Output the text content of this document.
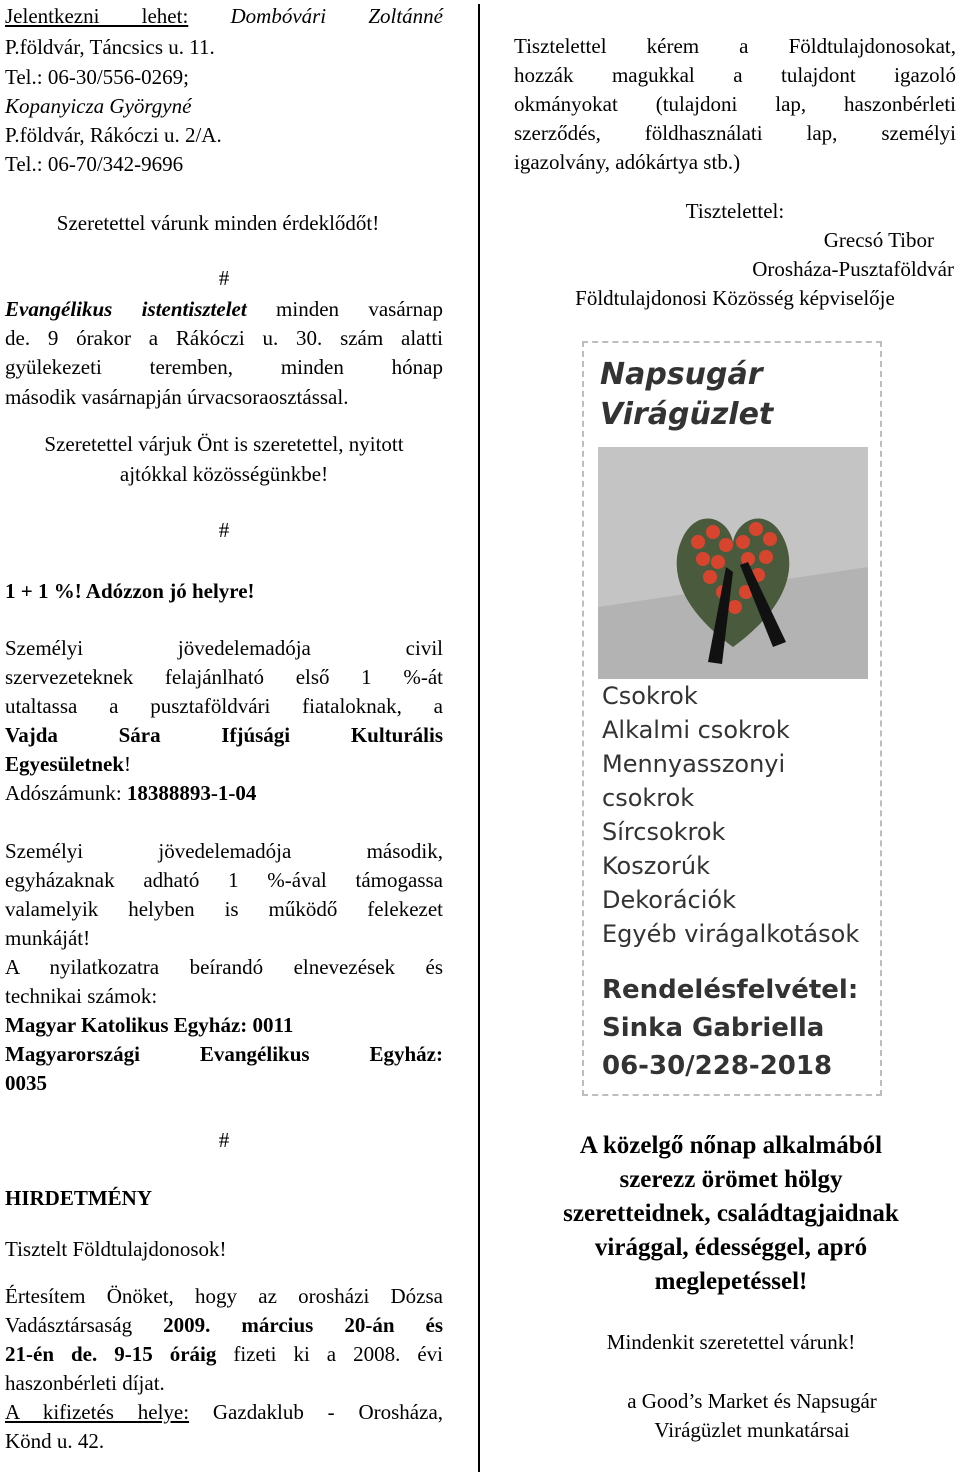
Jelentkezni lehet: Dombóvári Zoltánné
P.földvár, Táncsics u. 11.
Tel.: 06-30/556-0269;
Kopanyicza Györgyné
P.földvár, Rákóczi u. 2/A.
Tel.: 06-70/342-9696
Szeretettel várunk minden érdeklődőt!
#
Evangélikus istentisztelet minden vasárnap
de. 9 órakor a Rákóczi u. 30. szám alatti
gyülekezeti teremben, minden hónap
második vasárnapján úrvacsoraosztással.
Szeretettel várjuk Önt is szeretettel, nyitott
ajtókkal közösségünkbe!
#
1 + 1 %! Adózzon jó helyre!
Személyi jövedelemadója civil
szervezeteknek felajánlható első 1 %-át
utaltassa a pusztaföldvári fiataloknak, a
Vajda Sára Ifjúsági Kulturális
Egyesületnek!
Adószámunk: 18388893-1-04
Személyi jövedelemadója második,
egyházaknak adható 1 %-ával támogassa
valamelyik helyben is működő felekezet
munkáját!
A nyilatkozatra beírandó elnevezések és
technikai számok:
Magyar Katolikus Egyház: 0011
Magyarországi Evangélikus Egyház:
0035
#
HIRDETMÉNY
Tisztelt Földtulajdonosok!
Értesítem Önöket, hogy az orosházi Dózsa
Vadásztársaság 2009. március 20-án és
21-én de. 9-15 óráig fizeti ki a 2008. évi
haszonbérleti díjat.
A kifizetés helye: Gazdaklub - Orosháza,
Könd u. 42.
Tisztelettel kérem a Földtulajdonosokat,
hozzák magukkal a tulajdont igazoló
okmányokat (tulajdoni lap, haszonbérleti
szerződés, földhasználati lap, személyi
igazolvány, adókártya stb.)
Tisztelettel:
Grecsó Tibor
Orosháza-Pusztaföldvár
Földtulajdonosi Közösség képviselője
A közelgő nőnap alkalmából
szerezz örömet hölgy
szeretteidnek, családtagjaidnak
virággal, édességgel, apró
meglepetéssel!
Mindenkit szeretettel várunk!
a Good’s Market és Napsugár
Virágüzlet munkatársai
Napsugár
Virágüzlet
Csokrok
Alkalmi csokrok
Mennyasszonyi
csokrok
Sírcsokrok
Koszorúk
Dekorációk
Egyéb virágalkotások
Rendelésfelvétel:
Sinka Gabriella
06-30/228-2018
